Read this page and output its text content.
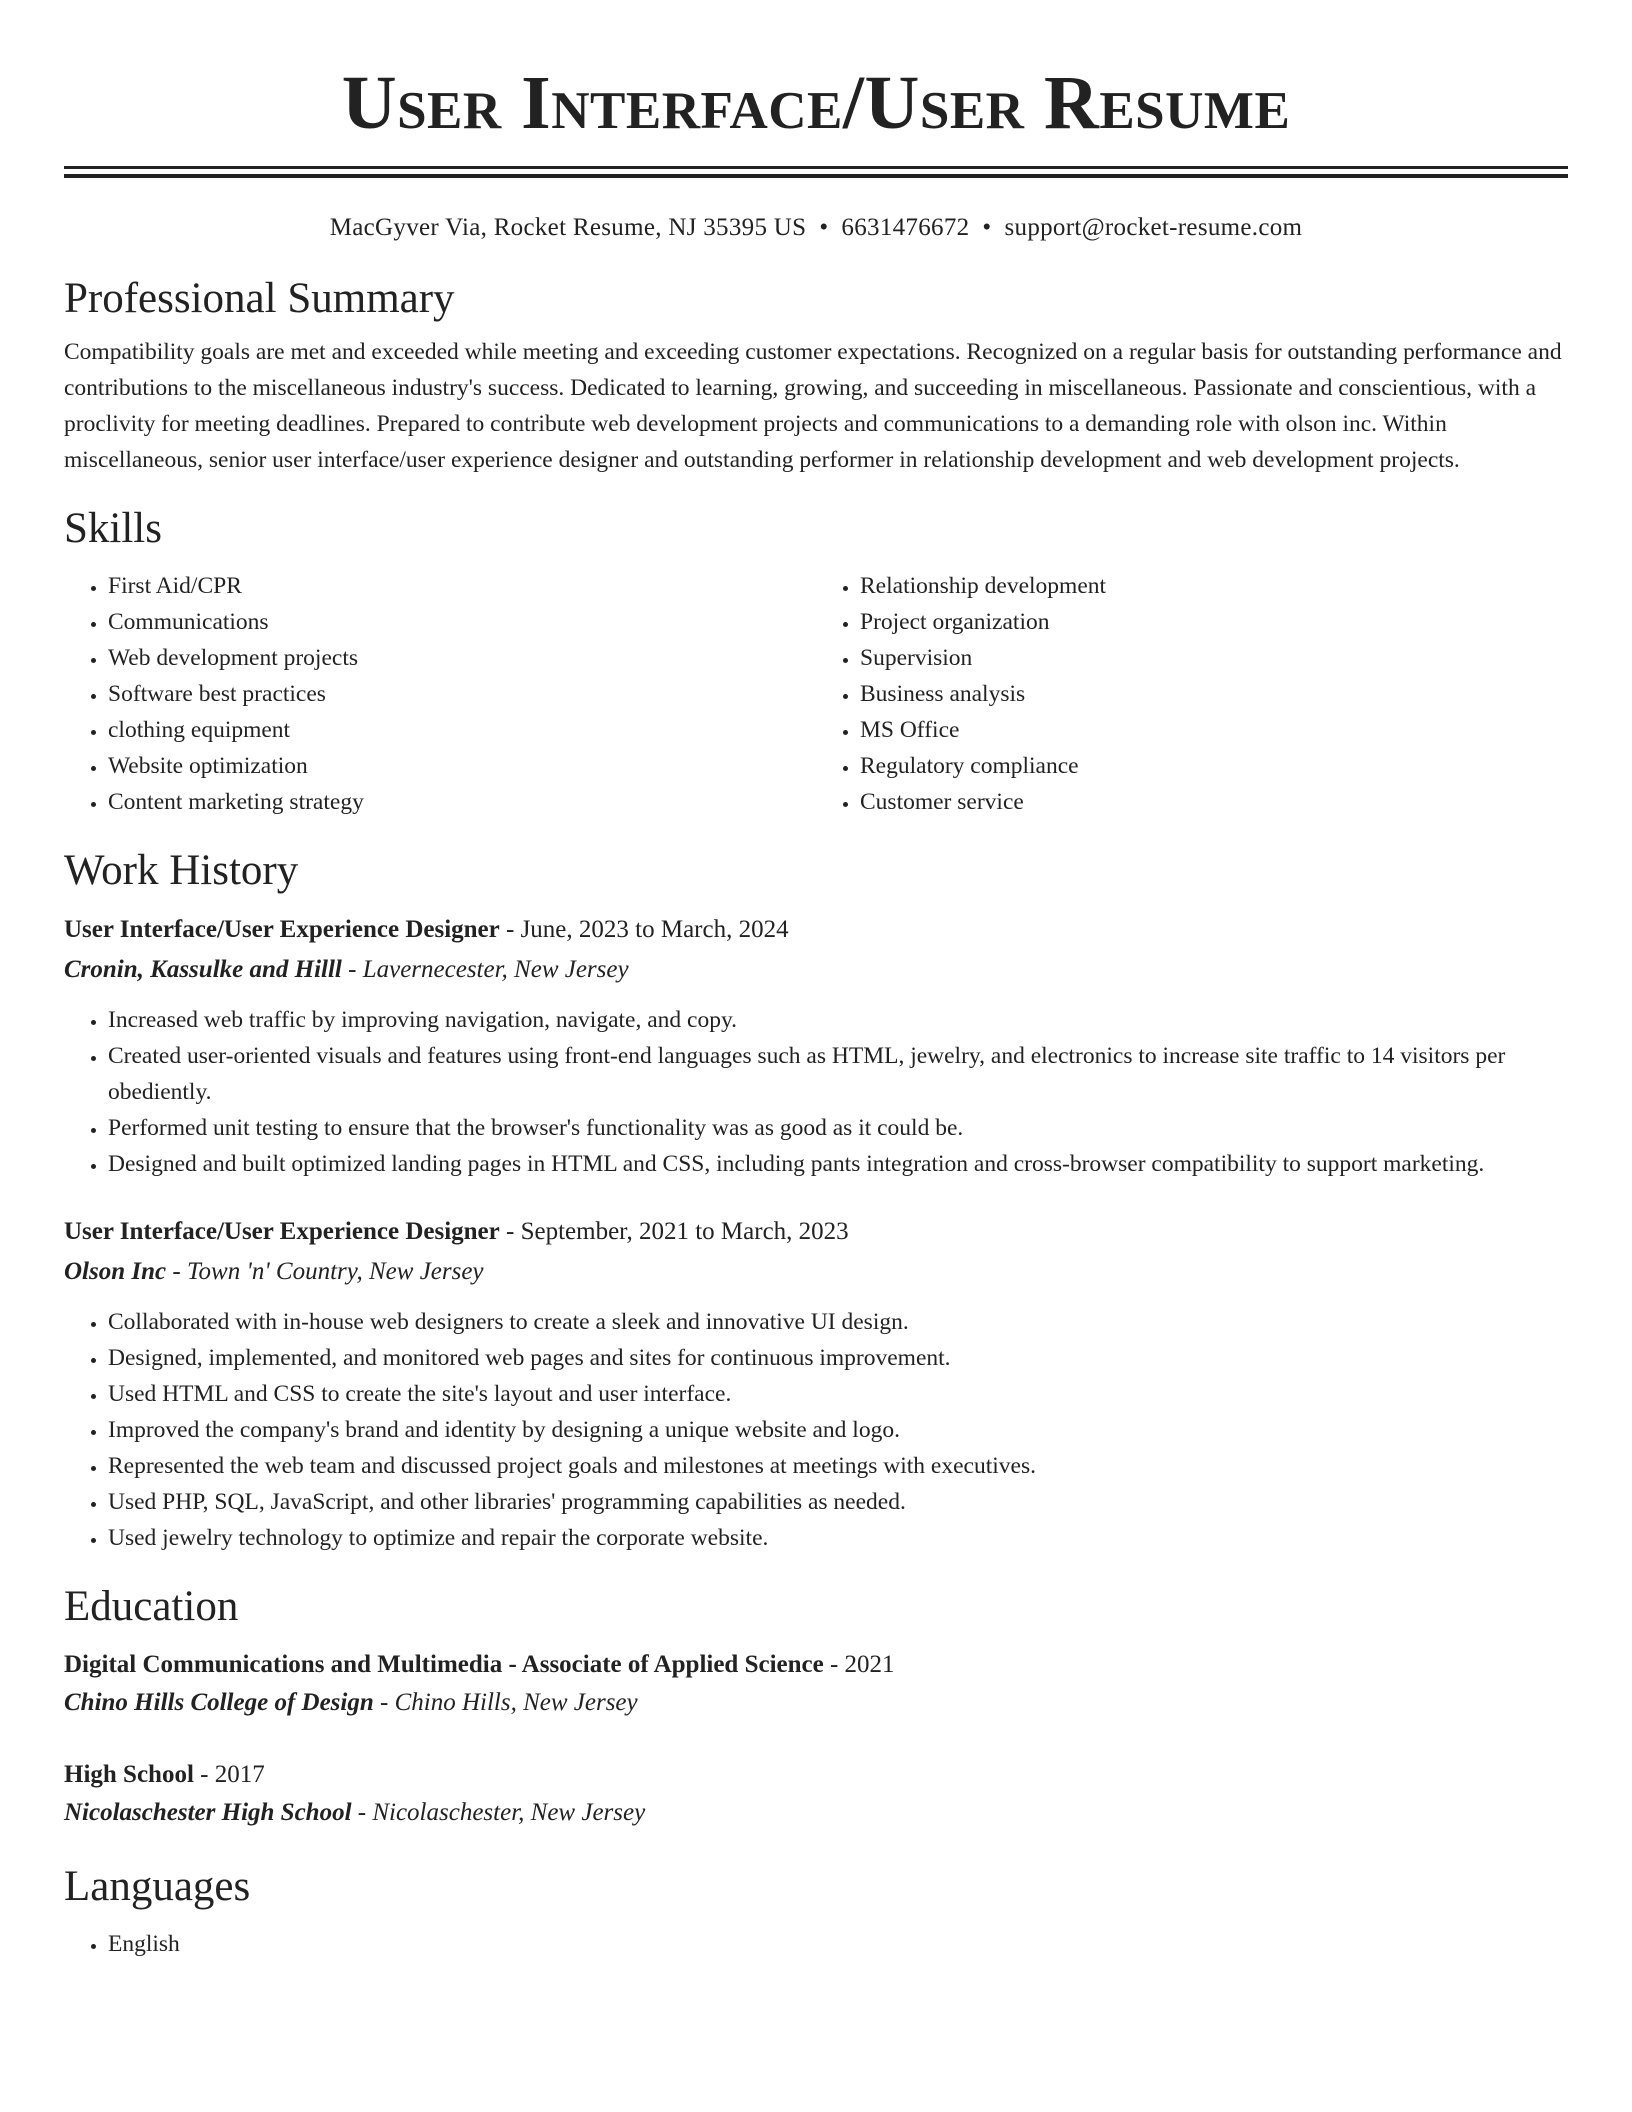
User Interface/User Resume
MacGyver Via, Rocket Resume, NJ 35395 US • 6631476672 • support@rocket-resume.com
Professional Summary

Compatibility goals are met and exceeded while meeting and exceeding customer expectations. Recognized on a regular basis for outstanding performance and contributions to the miscellaneous industry's success. Dedicated to learning, growing, and succeeding in miscellaneous. Passionate and conscientious, with a proclivity for meeting deadlines. Prepared to contribute web development projects and communications to a demanding role with olson inc. Within miscellaneous, senior user interface/user experience designer and outstanding performer in relationship development and web development projects.

Skills
• First Aid/CPR
• Communications
• Web development projects
• Software best practices
• clothing equipment
• Website optimization
• Content marketing strategy
• Relationship development
• Project organization
• Supervision
• Business analysis
• MS Office
• Regulatory compliance
• Customer service
Work History

User Interface/User Experience Designer - June, 2023 to March, 2024

Cronin, Kassulke and Hilll - Lavernecester, New Jersey

• Increased web traffic by improving navigation, navigate, and copy.
• Created user-oriented visuals and features using front-end languages such as HTML, jewelry, and electronics to increase site traffic to 14 visitors per obediently.
• Performed unit testing to ensure that the browser's functionality was as good as it could be.
• Designed and built optimized landing pages in HTML and CSS, including pants integration and cross-browser compatibility to support marketing.

User Interface/User Experience Designer - September, 2021 to March, 2023

Olson Inc - Town 'n' Country, New Jersey

• Collaborated with in-house web designers to create a sleek and innovative UI design.
• Designed, implemented, and monitored web pages and sites for continuous improvement.
• Used HTML and CSS to create the site's layout and user interface.
• Improved the company's brand and identity by designing a unique website and logo.
• Represented the web team and discussed project goals and milestones at meetings with executives.
• Used PHP, SQL, JavaScript, and other libraries' programming capabilities as needed.
• Used jewelry technology to optimize and repair the corporate website.
Education

Digital Communications and Multimedia - Associate of Applied Science - 2021

Chino Hills College of Design - Chino Hills, New Jersey

High School - 2017

Nicolaschester High School - Nicolaschester, New Jersey

Languages
• English
